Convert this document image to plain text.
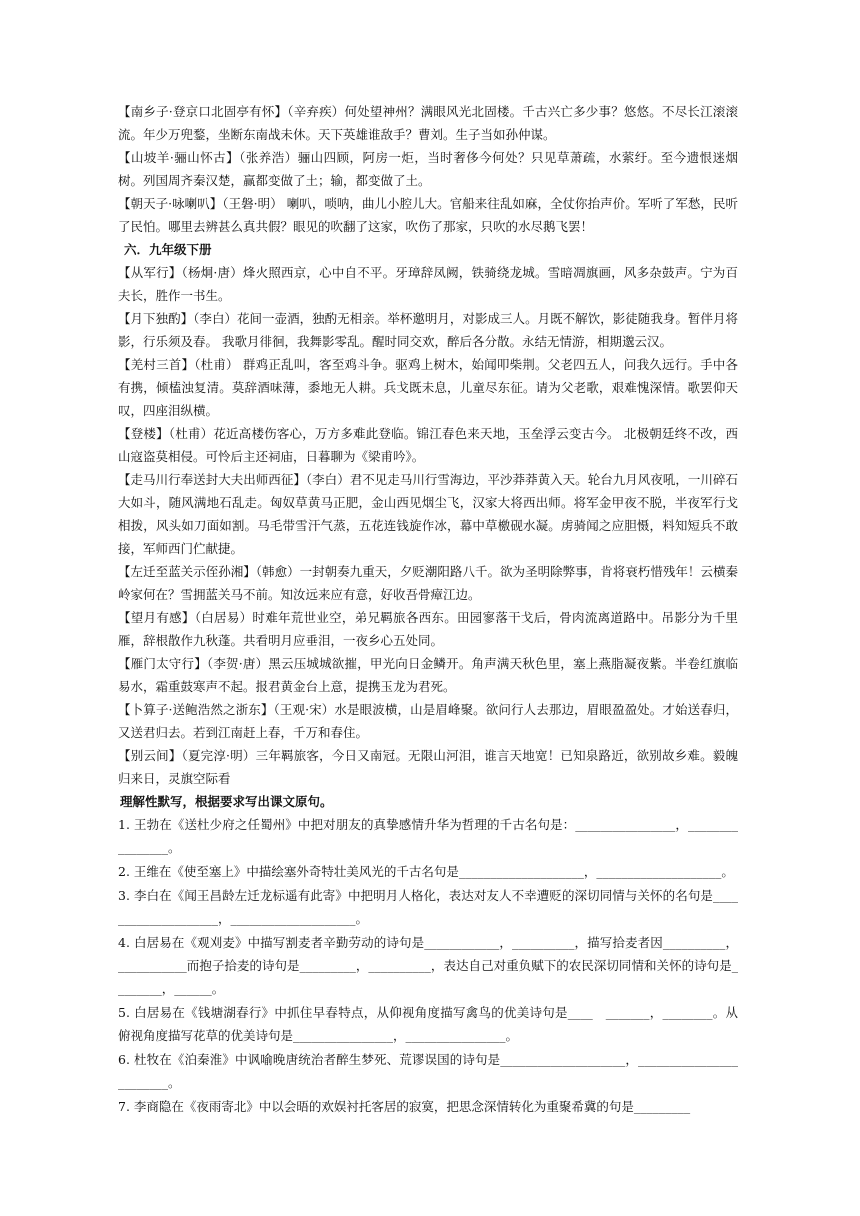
【南乡子·登京口北固亭有怀】（辛弃疾）何处望神州？满眼风光北固楼。千古兴亡多少事？悠悠。不尽长江滚滚流。年少万兜鍪，坐断东南战未休。天下英雄谁敌手？曹刘。生子当如孙仲谋。

【山坡羊·骊山怀古】（张养浩）骊山四顾，阿房一炬，当时奢侈今何处？只见草萧疏，水萦纡。至今遗恨迷烟树。列国周齐秦汉楚，赢都变做了土；输，都变做了土。

【朝天子·咏喇叭】（王磐·明） 喇叭，唢呐，曲儿小腔儿大。官船来往乱如麻，全仗你抬声价。军听了军愁，民听了民怕。哪里去辨甚么真共假？眼见的吹翻了这家，吹伤了那家，只吹的水尽鹅飞罢！

六．九年级下册

【从军行】（杨炯·唐）烽火照西京，心中自不平。牙璋辞凤阙，铁骑绕龙城。雪暗凋旗画，风多杂鼓声。宁为百夫长，胜作一书生。

【月下独酌】（李白）花间一壶酒，独酌无相亲。举杯邀明月，对影成三人。月既不解饮，影徒随我身。暂伴月将影，行乐须及春。 我歌月徘徊，我舞影零乱。醒时同交欢，醉后各分散。永结无情游，相期邈云汉。

【羌村三首】（杜甫） 群鸡正乱叫，客至鸡斗争。驱鸡上树木，始闻叩柴荆。父老四五人，问我久远行。手中各有携，倾榼浊复清。莫辞酒味薄，黍地无人耕。兵戈既未息，儿童尽东征。请为父老歌，艰难愧深情。歌罢仰天叹，四座泪纵横。

【登楼】（杜甫）花近高楼伤客心，万方多难此登临。锦江春色来天地，玉垒浮云变古今。 北极朝廷终不改，西山寇盗莫相侵。可怜后主还祠庙，日暮聊为《梁甫吟》。

【走马川行奉送封大夫出师西征】（李白）君不见走马川行雪海边，平沙莽莽黄入天。轮台九月风夜吼，一川碎石大如斗，随风满地石乱走。匈奴草黄马正肥，金山西见烟尘飞，汉家大将西出师。将军金甲夜不脱，半夜军行戈相拨，风头如刀面如割。马毛带雪汗气蒸，五花连钱旋作冰，幕中草檄砚水凝。虏骑闻之应胆慑，料知短兵不敢接，军师西门伫献捷。

【左迁至蓝关示侄孙湘】（韩愈）一封朝奏九重天，夕贬潮阳路八千。欲为圣明除弊事，肯将衰朽惜残年！云横秦岭家何在？雪拥蓝关马不前。知汝远来应有意，好收吾骨瘴江边。

【望月有感】（白居易）时难年荒世业空，弟兄羁旅各西东。田园寥落干戈后，骨肉流离道路中。吊影分为千里雁，辞根散作九秋蓬。共看明月应垂泪，一夜乡心五处同。

【雁门太守行】（李贺·唐）黑云压城城欲摧，甲光向日金鳞开。角声满天秋色里，塞上燕脂凝夜紫。半卷红旗临易水，霜重鼓寒声不起。报君黄金台上意，提携玉龙为君死。

【卜算子·送鲍浩然之浙东】（王观·宋）水是眼波横，山是眉峰聚。欲问行人去那边，眉眼盈盈处。才始送春归，又送君归去。若到江南赶上春，千万和春住。

【别云间】（夏完淳·明）三年羁旅客，今日又南冠。无限山河泪，谁言天地宽！已知泉路近，欲别故乡难。毅魄归来日，灵旗空际看

理解性默写，根据要求写出课文原句。

1. 王勃在《送杜少府之任蜀州》中把对朋友的真挚感情升华为哲理的千古名句是：________________，________________。

2. 王维在《使至塞上》中描绘塞外奇特壮美风光的千古名句是____________________，____________________。

3. 李白在《闻王昌龄左迁龙标遥有此寄》中把明月人格化，表达对友人不幸遭贬的深切同情与关怀的名句是____________________，____________________。

4. 白居易在《观刈麦》中描写割麦者辛勤劳动的诗句是____________，__________，描写拾麦者因__________，___________而抱子拾麦的诗句是_________，__________，表达自己对重负赋下的农民深切同情和关怀的诗句是________，______。

5. 白居易在《钱塘湖春行》中抓住早春特点，从仰视角度描写禽鸟的优美诗句是____　_______，________。从俯视角度描写花草的优美诗句是________________，________________。

6. 杜牧在《泊秦淮》中讽喻晚唐统治者醉生梦死、荒谬误国的诗句是____________________，________________________。

7. 李商隐在《夜雨寄北》中以会晤的欢娱衬托客居的寂寞，把思念深情转化为重聚希冀的句是_________
